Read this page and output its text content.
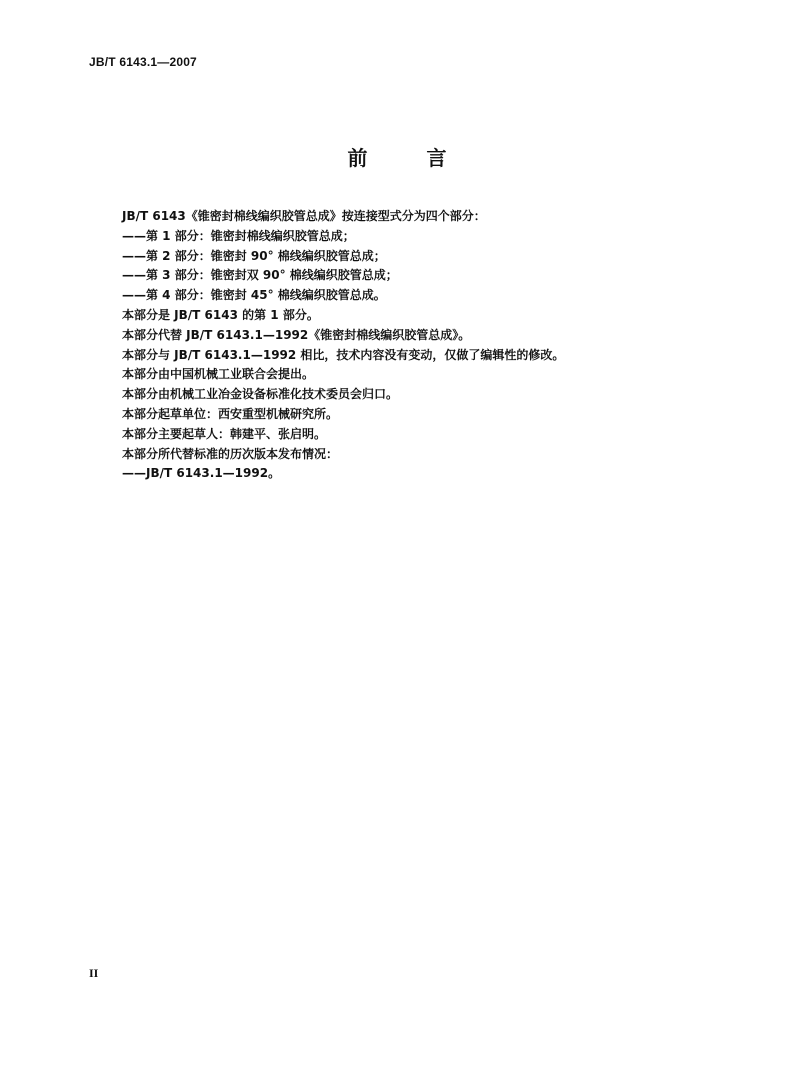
JB/T 6143.1—2007
前 言
JB/T 6143《锥密封棉线编织胶管总成》按连接型式分为四个部分：
——第 1 部分：锥密封棉线编织胶管总成；
——第 2 部分：锥密封 90° 棉线编织胶管总成；
——第 3 部分：锥密封双 90° 棉线编织胶管总成；
——第 4 部分：锥密封 45° 棉线编织胶管总成。
本部分是 JB/T 6143 的第 1 部分。
本部分代替 JB/T 6143.1—1992《锥密封棉线编织胶管总成》。
本部分与 JB/T 6143.1—1992 相比，技术内容没有变动，仅做了编辑性的修改。
本部分由中国机械工业联合会提出。
本部分由机械工业冶金设备标准化技术委员会归口。
本部分起草单位：西安重型机械研究所。
本部分主要起草人：韩建平、张启明。
本部分所代替标准的历次版本发布情况：
——JB/T 6143.1—1992。
II
